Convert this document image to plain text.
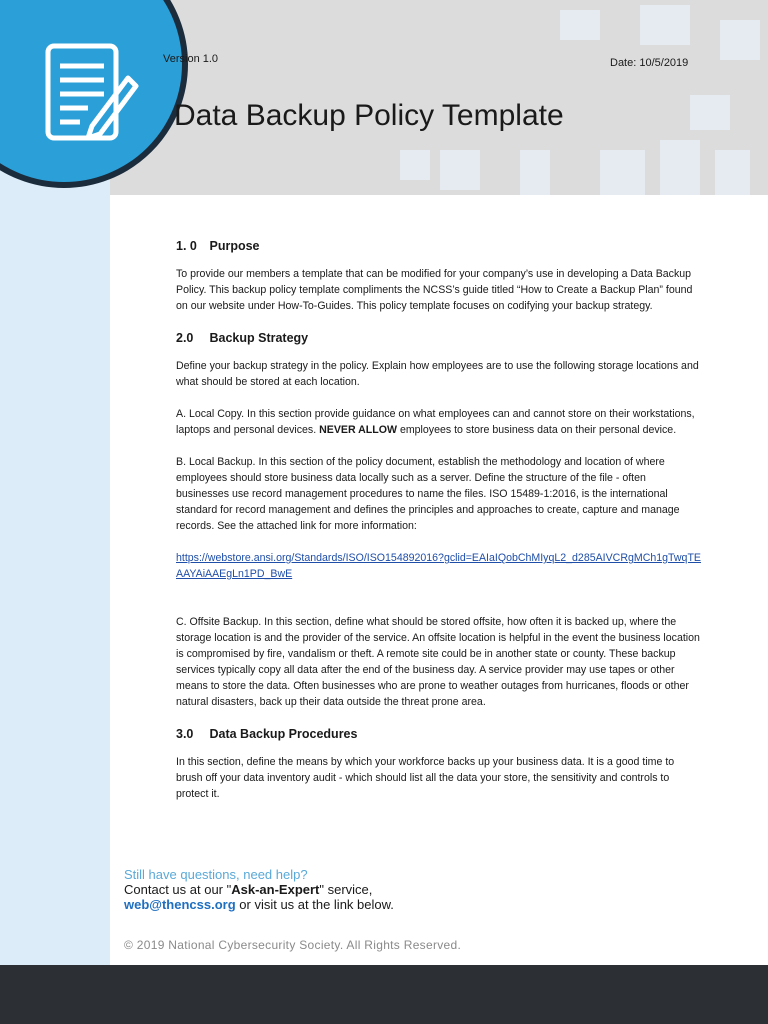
Version 1.0	Date: 10/5/2019
Data Backup Policy Template
1. 0 Purpose

To provide our members a template that can be modified for your company’s use in developing a Data Backup Policy. This backup policy template compliments the NCSS’s guide titled “How to Create a Backup Plan” found on our website under How-To-Guides. This policy template focuses on codifying your backup strategy.

2.0 Backup Strategy

Define your backup strategy in the policy. Explain how employees are to use the following storage locations and what should be stored at each location.

A. Local Copy. In this section provide guidance on what employees can and cannot store on their workstations, laptops and personal devices. NEVER ALLOW employees to store business data on their personal device.

B. Local Backup. In this section of the policy document, establish the methodology and location of where employees should store business data locally such as a server. Define the structure of the file - often businesses use record management procedures to name the files. ISO 15489-1:2016, is the international standard for record management and defines the principles and approaches to create, capture and manage records. See the attached link for more information:

https://webstore.ansi.org/Standards/ISO/ISO154892016?gclid=EAIaIQobChMIyqL2_d285AIVCRgMCh1gTwqTEAAYAiAAEgLn1PD_BwE

C. Offsite Backup. In this section, define what should be stored offsite, how often it is backed up, where the storage location is and the provider of the service. An offsite location is helpful in the event the business location is compromised by fire, vandalism or theft. A remote site could be in another state or county. These backup services typically copy all data after the end of the business day. A service provider may use tapes or other means to store the data. Often businesses who are prone to weather outages from hurricanes, floods or other natural disasters, back up their data outside the threat prone area.

3.0 Data Backup Procedures

In this section, define the means by which your workforce backs up your business data. It is a good time to brush off your data inventory audit - which should list all the data your store, the sensitivity and controls to protect it.

Still have questions, need help?
Contact us at our "Ask-an-Expert" service,
web@thencss.org or visit us at the link below.
© 2019 National Cybersecurity Society. All Rights Reserved.
